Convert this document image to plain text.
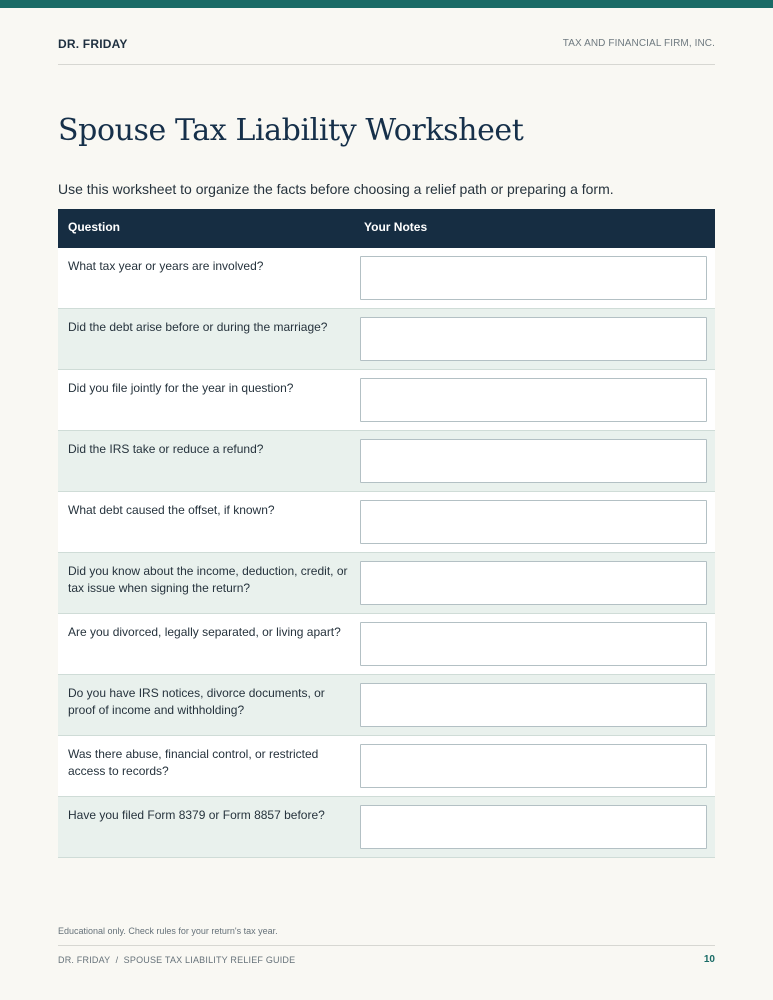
DR. FRIDAY	TAX AND FINANCIAL FIRM, INC.
Spouse Tax Liability Worksheet

Use this worksheet to organize the facts before choosing a relief path or preparing a form.

Question	Your Notes
What tax year or years are involved?
Did the debt arise before or during the marriage?
Did you file jointly for the year in question?
Did the IRS take or reduce a refund?
What debt caused the offset, if known?
Did you know about the income, deduction, credit, or tax issue when signing the return?
Are you divorced, legally separated, or living apart?
Do you have IRS notices, divorce documents, or proof of income and withholding?
Was there abuse, financial control, or restricted access to records?
Have you filed Form 8379 or Form 8857 before?
Educational only. Check rules for your return's tax year.
DR. FRIDAY  /  SPOUSE TAX LIABILITY RELIEF GUIDE	10
